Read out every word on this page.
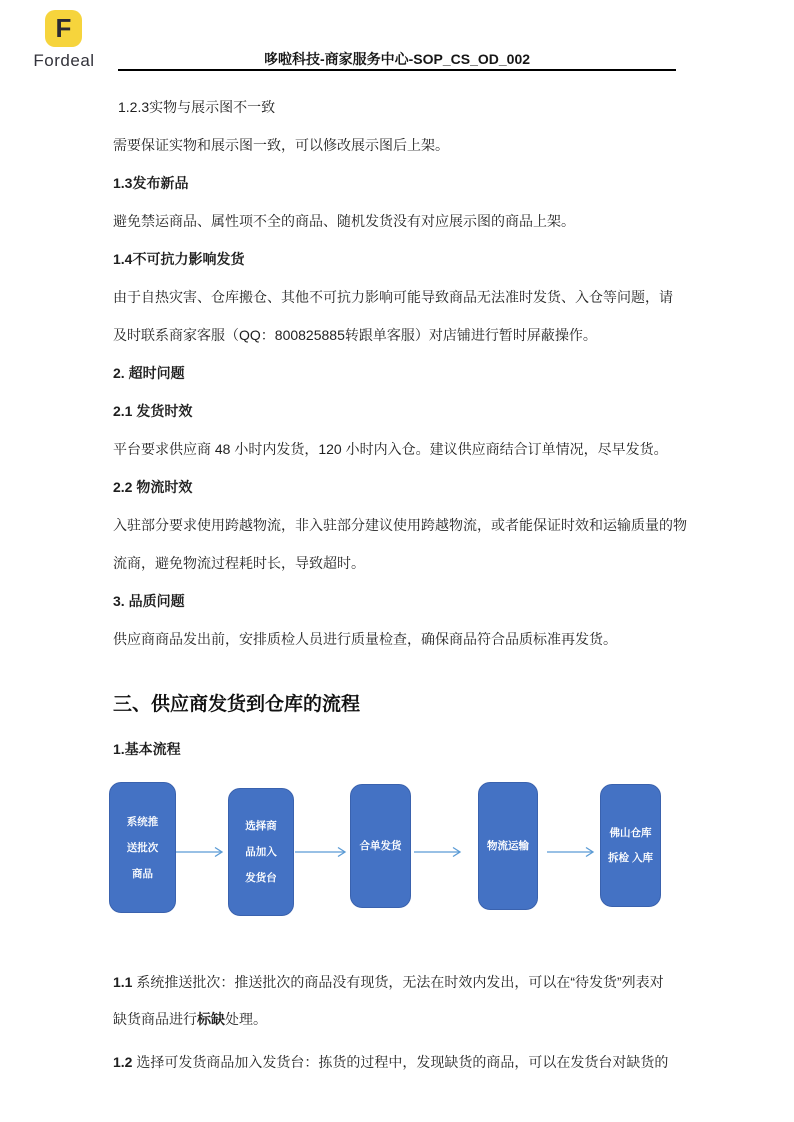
F
Fordeal	哆啦科技-商家服务中心-SOP_CS_OD_002
1.2.3实物与展示图不一致
需要保证实物和展示图一致，可以修改展示图后上架。
1.3发布新品
避免禁运商品、属性项不全的商品、随机发货没有对应展示图的商品上架。
1.4不可抗力影响发货
由于自热灾害、仓库搬仓、其他不可抗力影响可能导致商品无法准时发货、入仓等问题，请
及时联系商家客服（QQ：800825885转跟单客服）对店铺进行暂时屏蔽操作。
2. 超时问题
2.1 发货时效
平台要求供应商 48 小时内发货，120 小时内入仓。建议供应商结合订单情况，尽早发货。
2.2 物流时效
入驻部分要求使用跨越物流，非入驻部分建议使用跨越物流，或者能保证时效和运输质量的物
流商，避免物流过程耗时长，导致超时。
3. 品质问题
供应商商品发出前，安排质检人员进行质量检查，确保商品符合品质标准再发货。
三、供应商发货到仓库的流程
1.基本流程
系统推
送批次
商品
选择商
品加入
发货台
合单发货	物流运输
佛山仓库
拆检 入库
1.1 系统推送批次：推送批次的商品没有现货，无法在时效内发出，可以在“待发货”列表对
缺货商品进行标缺处理。
1.2 选择可发货商品加入发货台：拣货的过程中，发现缺货的商品，可以在发货台对缺货的
